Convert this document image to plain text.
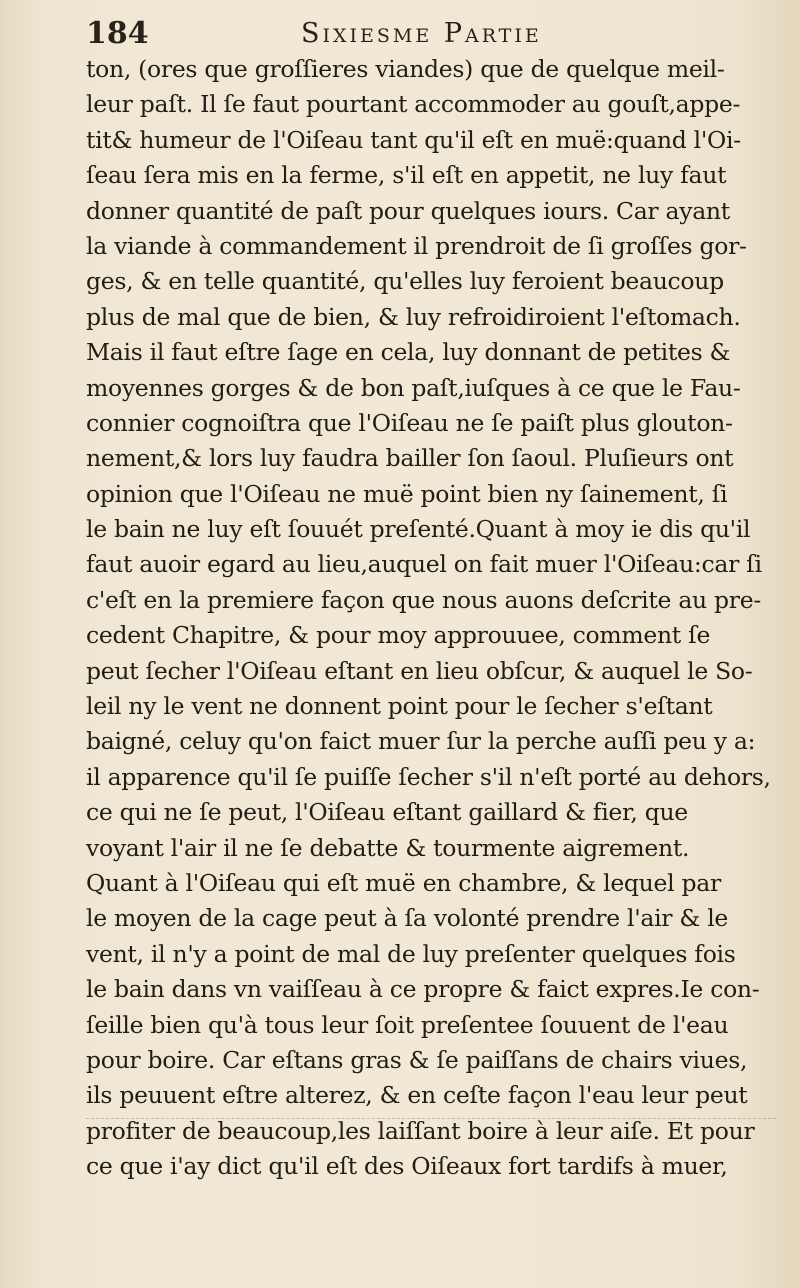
184	Sixiesme Partie
ton, (ores que groſſieres viandes) que de quelque meil-
leur paſt. Il ſe faut pourtant accommoder au gouſt,appe-
tit& humeur de l'Oiſeau tant qu'il eſt en muë:quand l'Oi-
ſeau ſera mis en la ferme, s'il eſt en appetit, ne luy faut
donner quantité de paſt pour quelques iours. Car ayant
la viande à commandement il prendroit de ſi groſſes gor-
ges, & en telle quantité, qu'elles luy feroient beaucoup
plus de mal que de bien, & luy refroidiroient l'eſtomach.
Mais il faut eſtre ſage en cela, luy donnant de petites &
moyennes gorges & de bon paſt,iuſques à ce que le Fau-
connier cognoiſtra que l'Oiſeau ne ſe paiſt plus glouton-
nement,& lors luy faudra bailler ſon ſaoul. Pluſieurs ont
opinion que l'Oiſeau ne muë point bien ny ſainement, ſi
le bain ne luy eſt ſouuét preſenté.Quant à moy ie dis qu'il
faut auoir egard au lieu,auquel on fait muer l'Oiſeau:car ſi
c'eſt en la premiere façon que nous auons deſcrite au pre-
cedent Chapitre, & pour moy approuuee, comment ſe
peut ſecher l'Oiſeau eſtant en lieu obſcur, & auquel le So-
leil ny le vent ne donnent point pour le ſecher s'eſtant
baigné, celuy qu'on faict muer ſur la perche auſſi peu y a:
il apparence qu'il ſe puiſſe ſecher s'il n'eſt porté au dehors,
ce qui ne ſe peut, l'Oiſeau eſtant gaillard & fier, que
voyant l'air il ne ſe debatte & tourmente aigrement.
Quant à l'Oiſeau qui eſt muë en chambre, & lequel par
le moyen de la cage peut à ſa volonté prendre l'air & le
vent, il n'y a point de mal de luy preſenter quelques fois
le bain dans vn vaiſſeau à ce propre & faict expres.Ie con-
ſeille bien qu'à tous leur ſoit preſentee ſouuent de l'eau
pour boire. Car eſtans gras & ſe paiſſans de chairs viues,
ils peuuent eſtre alterez, & en ceſte façon l'eau leur peut
profiter de beaucoup,les laiſſant boire à leur aiſe. Et pour
ce que i'ay dict qu'il eſt des Oiſeaux fort tardifs à muer,
